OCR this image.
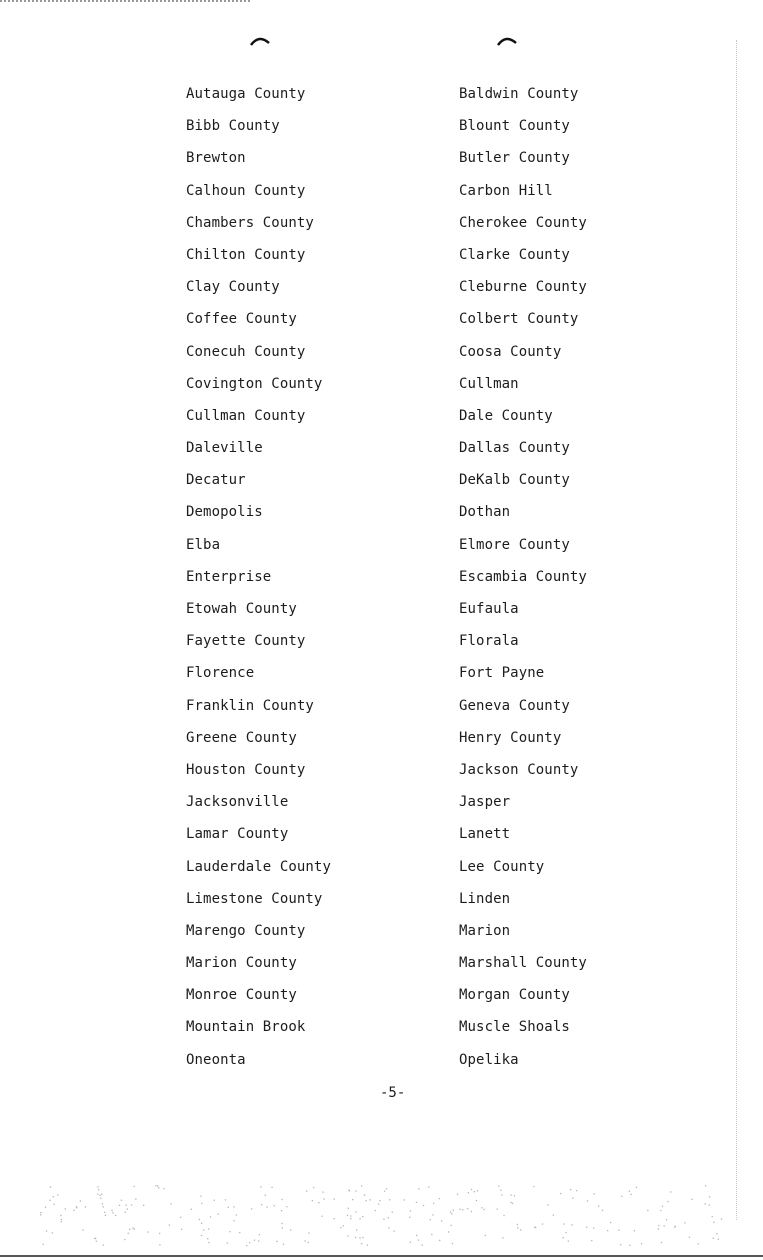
Autauga County
Bibb County
Brewton
Calhoun County
Chambers County
Chilton County
Clay County
Coffee County
Conecuh County
Covington County
Cullman County
Daleville
Decatur
Demopolis
Elba
Enterprise
Etowah County
Fayette County
Florence
Franklin County
Greene County
Houston County
Jacksonville
Lamar County
Lauderdale County
Limestone County
Marengo County
Marion County
Monroe County
Mountain Brook
Oneonta
Baldwin County
Blount County
Butler County
Carbon Hill
Cherokee County
Clarke County
Cleburne County
Colbert County
Coosa County
Cullman
Dale County
Dallas County
DeKalb County
Dothan
Elmore County
Escambia County
Eufaula
Florala
Fort Payne
Geneva County
Henry County
Jackson County
Jasper
Lanett
Lee County
Linden
Marion
Marshall County
Morgan County
Muscle Shoals
Opelika
-5-
